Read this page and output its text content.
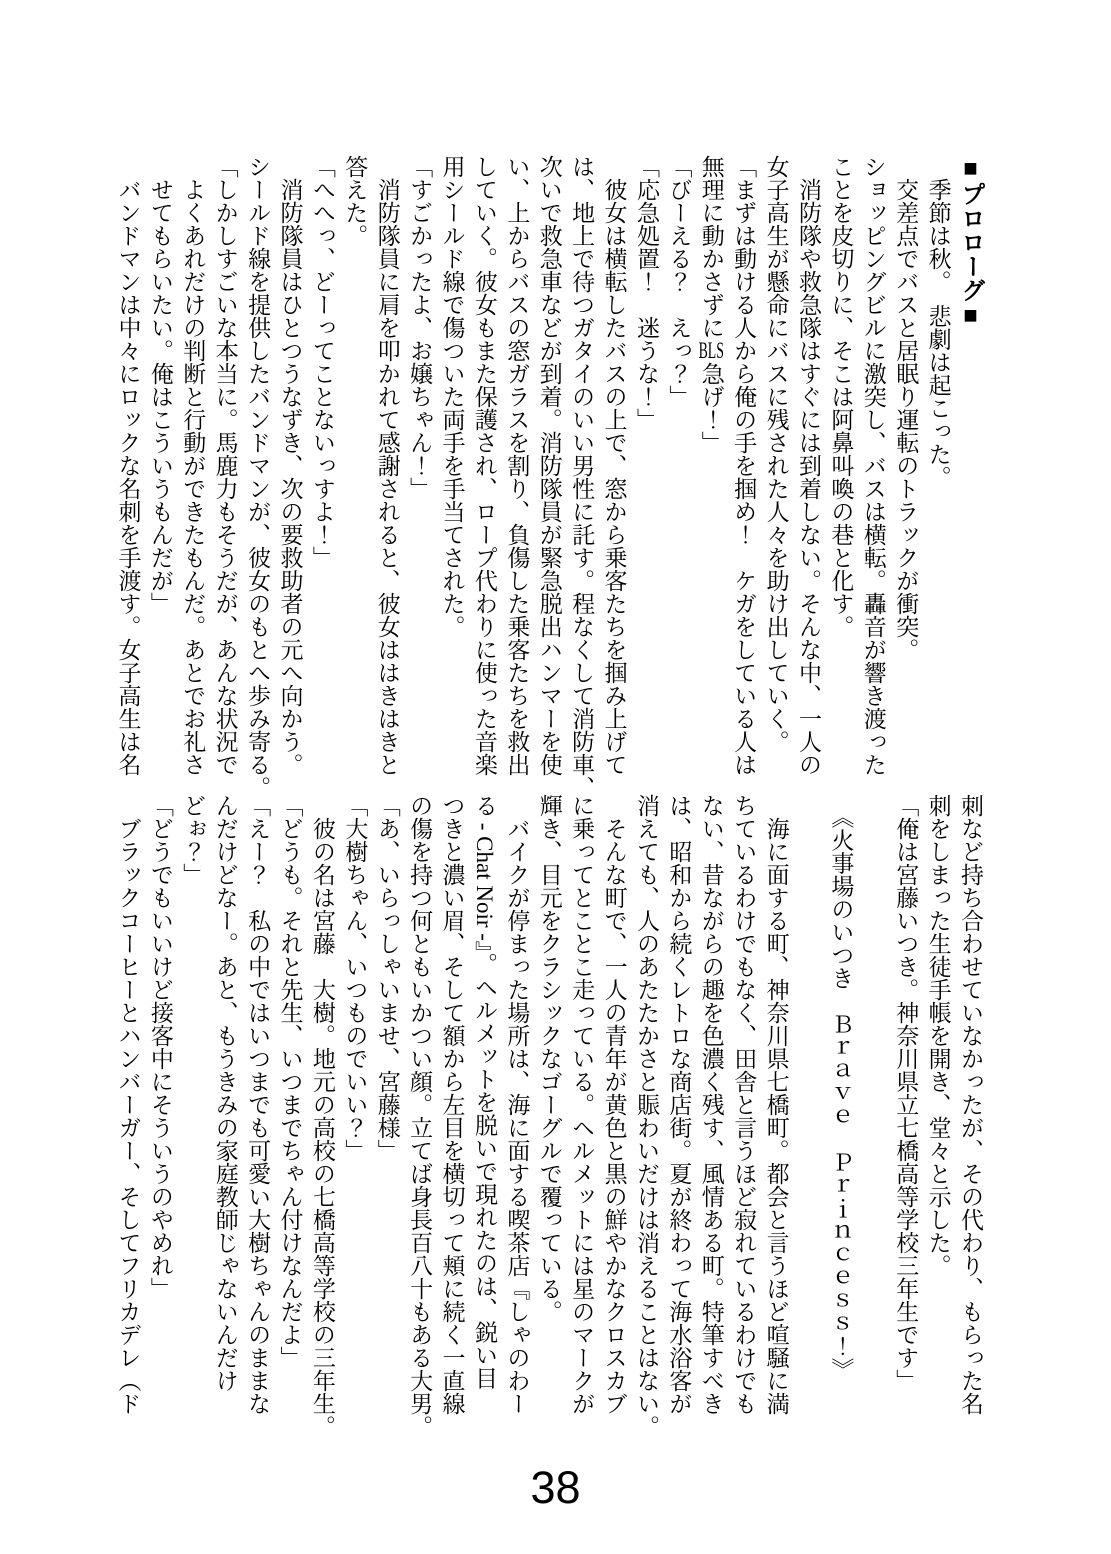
■プロローグ■
　季節は秋。　悲劇は起こった。
　交差点でバスと居眠り運転のトラックが衝突。
ショッピングビルに激突し、バスは横転。轟音が響き渡った
ことを皮切りに、そこは阿鼻叫喚の巷と化す。
　消防隊や救急隊はすぐには到着しない。そんな中、一人の
女子高生が懸命にバスに残された人々を助け出していく。
「まずは動ける人から俺の手を掴め！　ケガをしている人は
無理に動かさずにBLS急げ！」
「びーえる？　えっ？」
「応急処置！　迷うな！」
　彼女は横転したバスの上で、窓から乗客たちを掴み上げて
は、地上で待つガタイのいい男性に託す。程なくして消防車、
次いで救急車などが到着。消防隊員が緊急脱出ハンマーを使
い、上からバスの窓ガラスを割り、負傷した乗客たちを救出
していく。彼女もまた保護され、ロープ代わりに使った音楽
用シールド線で傷ついた両手を手当てされた。
「すごかったよ、お嬢ちゃん！」
　消防隊員に肩を叩かれて感謝されると、彼女ははきはきと
答えた。
「へへっ、どーってことないっすよ！」
　消防隊員はひとつうなずき、次の要救助者の元へ向かう。
シールド線を提供したバンドマンが、彼女のもとへ歩み寄る。
「しかしすごいな本当に。馬鹿力もそうだが、あんな状況で
　よくあれだけの判断と行動ができたもんだ。あとでお礼さ
　せてもらいたい。俺はこういうもんだが」
　バンドマンは中々にロックな名刺を手渡す。女子高生は名
刺など持ち合わせていなかったが、その代わり、もらった名
刺をしまった生徒手帳を開き、堂々と示した。
「俺は宮藤いつき。神奈川県立七橋高等学校三年生です」
　《火事場のいつき　Ｂｒａｖｅ　Ｐｒｉｎｃｅｓｓ！》
　海に面する町、神奈川県七橋町。都会と言うほど喧騒に満
ちているわけでもなく、田舎と言うほど寂れているわけでも
ない、昔ながらの趣を色濃く残す、風情ある町。特筆すべき
は、昭和から続くレトロな商店街。夏が終わって海水浴客が
消えても、人のあたたかさと賑わいだけは消えることはない。
　そんな町で、一人の青年が黄色と黒の鮮やかなクロスカブ
に乗ってとことこ走っている。ヘルメットには星のマークが
輝き、目元をクラシックなゴーグルで覆っている。
　バイクが停まった場所は、海に面する喫茶店『しゃのわー
る - Chat Noir -』。ヘルメットを脱いで現れたのは、鋭い目
つきと濃い眉、そして額から左目を横切って頬に続く一直線
の傷を持つ何ともいかつい顔。立てば身長百八十もある大男。
「あ、いらっしゃいませ、宮藤様」
「大樹ちゃん、いつものでいい？」
　彼の名は宮藤　大樹。地元の高校の七橋高等学校の三年生。
「どうも。それと先生、いつまでちゃん付けなんだよ」
「えー？　私の中ではいつまでも可愛い大樹ちゃんのままな
んだけどなー。あと、もうきみの家庭教師じゃないんだけ
どぉ？」
「どうでもいいけど接客中にそういうのやめれ」
　ブラックコーヒーとハンバーガー、そしてフリカデレ（ド
38
